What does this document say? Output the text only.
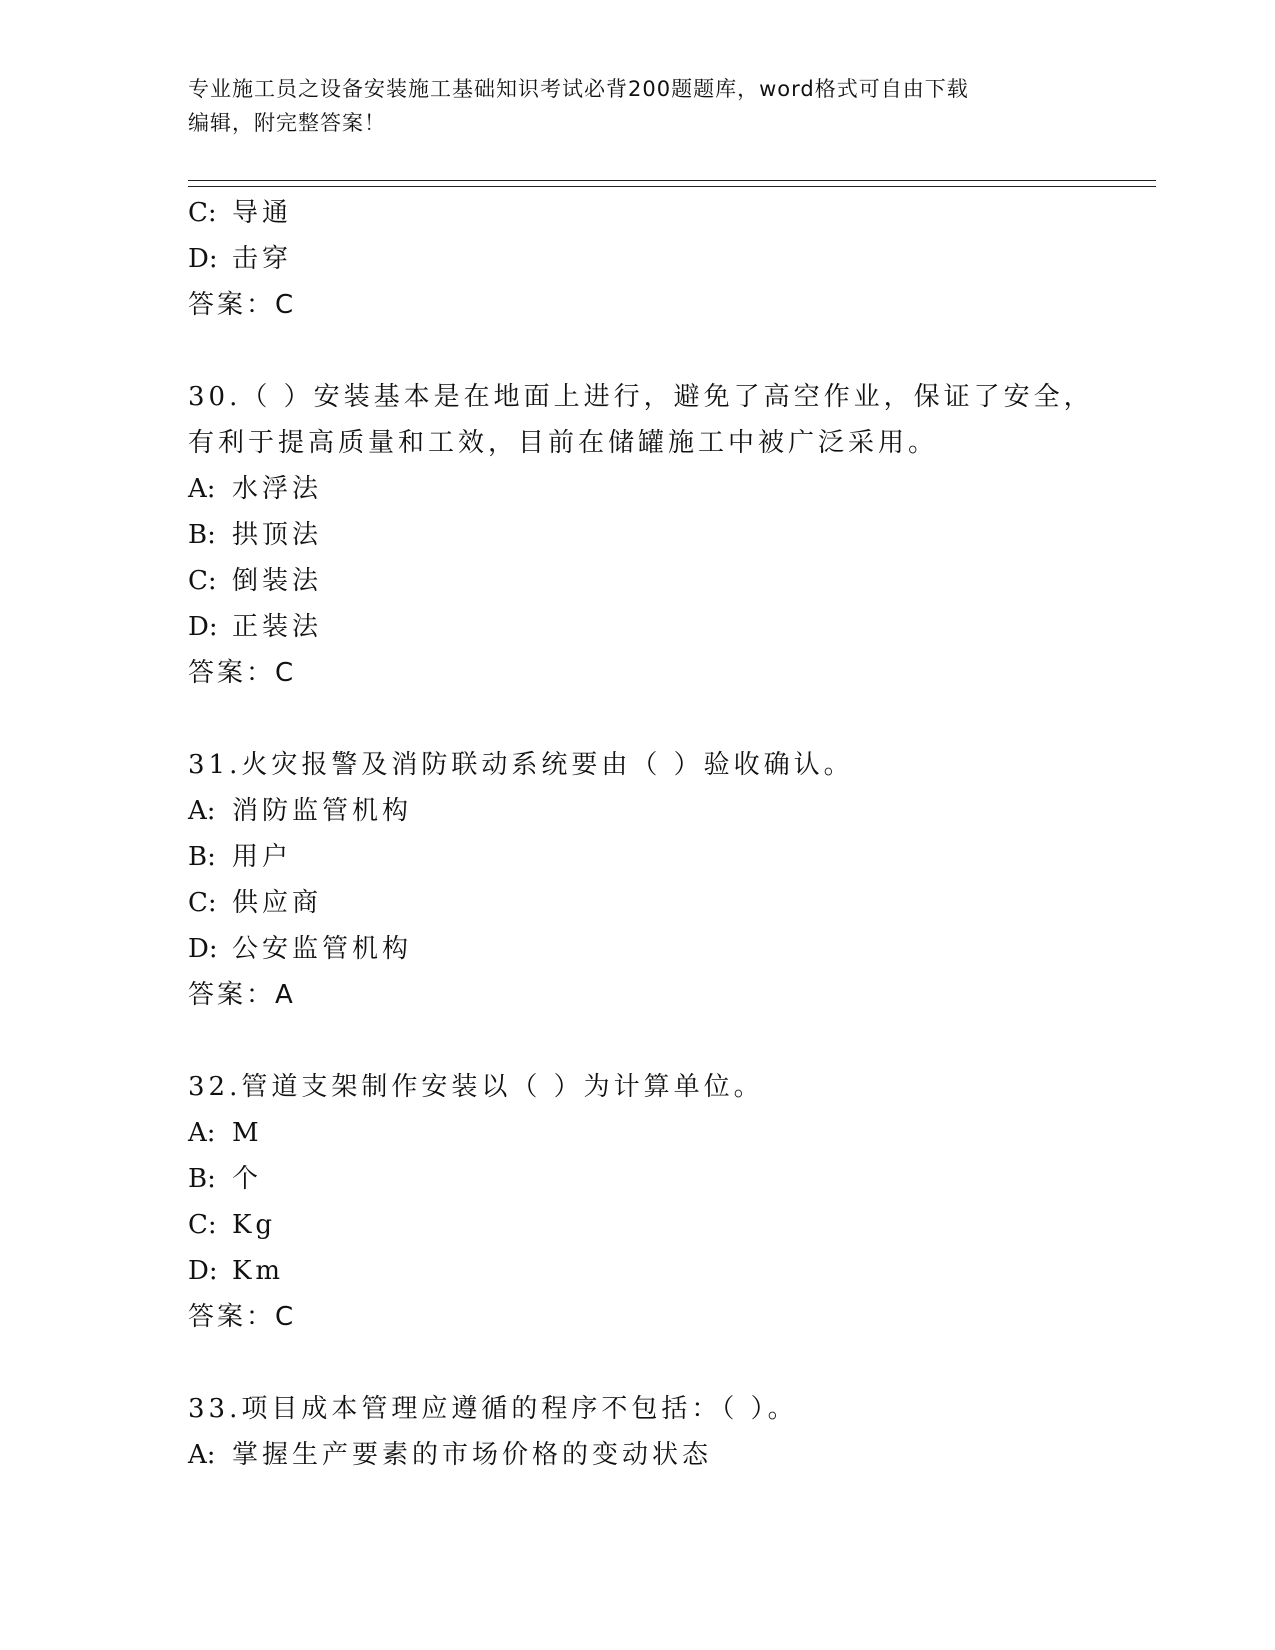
专业施工员之设备安装施工基础知识考试必背200题题库，word格式可自由下载
编辑，附完整答案！
C: 导通
D: 击穿
答案：C
30.（ ）安装基本是在地面上进行，避免了高空作业，保证了安全，
有利于提高质量和工效，目前在储罐施工中被广泛采用。
A: 水浮法
B: 拱顶法
C: 倒装法
D: 正装法
答案：C
31.火灾报警及消防联动系统要由（ ）验收确认。
A: 消防监管机构
B: 用户
C: 供应商
D: 公安监管机构
答案：A
32.管道支架制作安装以（ ）为计算单位。
A: M
B: 个
C: Kg
D: Km
答案：C
33.项目成本管理应遵循的程序不包括：（ ）。
A: 掌握生产要素的市场价格的变动状态
